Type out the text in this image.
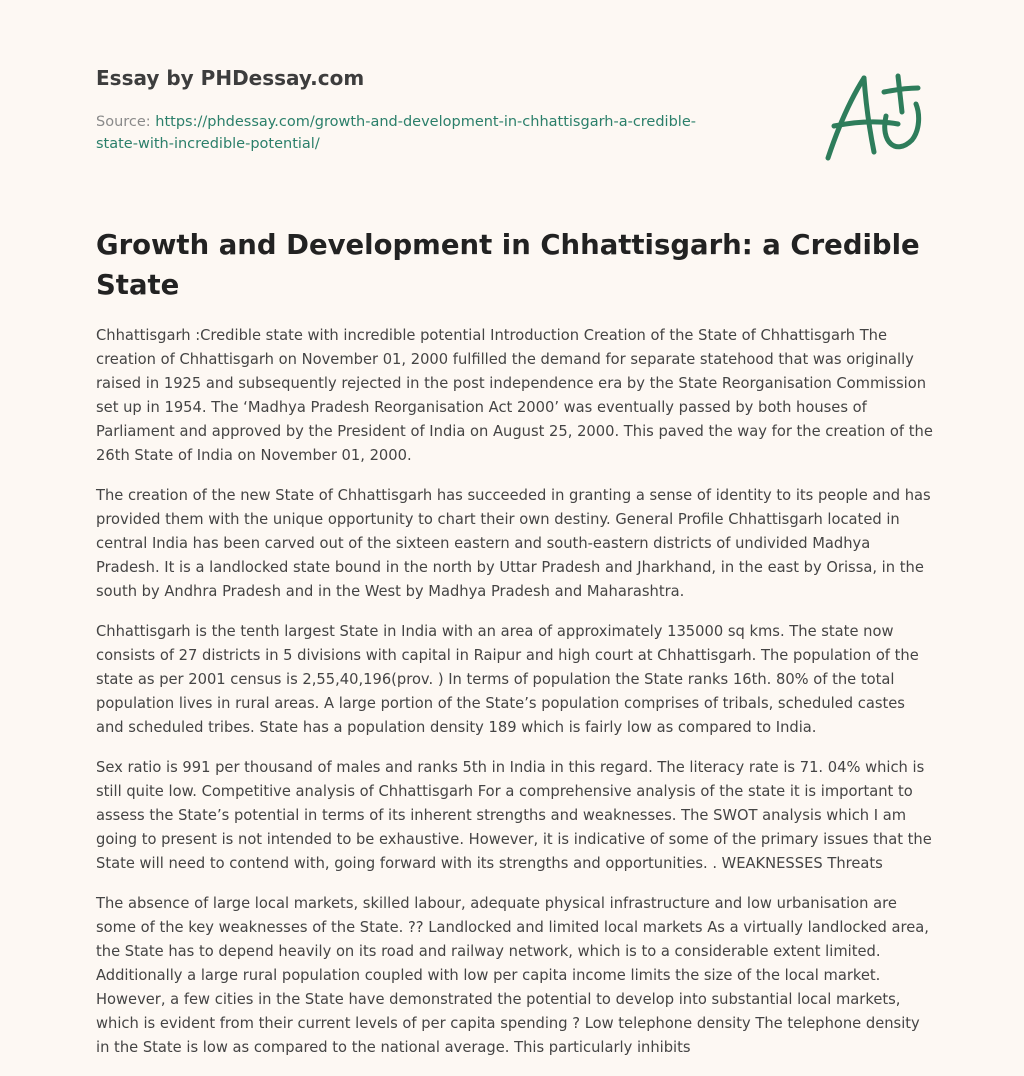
Essay by PHDessay.com
Source: https://phdessay.com/growth-and-development-in-chhattisgarh-a-credible-state-with-incredible-potential/
Growth and Development in Chhattisgarh: a Credible State

Chhattisgarh :Credible state with incredible potential Introduction Creation of the State of Chhattisgarh The creation of Chhattisgarh on November 01, 2000 fulfilled the demand for separate statehood that was originally raised in 1925 and subsequently rejected in the post independence era by the State Reorganisation Commission set up in 1954. The ‘Madhya Pradesh Reorganisation Act 2000’ was eventually passed by both houses of Parliament and approved by the President of India on August 25, 2000. This paved the way for the creation of the 26th State of India on November 01, 2000.

The creation of the new State of Chhattisgarh has succeeded in granting a sense of identity to its people and has provided them with the unique opportunity to chart their own destiny. General Profile Chhattisgarh located in central India has been carved out of the sixteen eastern and south-eastern districts of undivided Madhya Pradesh. It is a landlocked state bound in the north by Uttar Pradesh and Jharkhand, in the east by Orissa, in the south by Andhra Pradesh and in the West by Madhya Pradesh and Maharashtra.

Chhattisgarh is the tenth largest State in India with an area of approximately 135000 sq kms. The state now consists of 27 districts in 5 divisions with capital in Raipur and high court at Chhattisgarh. The population of the state as per 2001 census is 2,55,40,196(prov. ) In terms of population the State ranks 16th. 80% of the total population lives in rural areas. A large portion of the State’s population comprises of tribals, scheduled castes and scheduled tribes. State has a population density 189 which is fairly low as compared to India.

Sex ratio is 991 per thousand of males and ranks 5th in India in this regard. The literacy rate is 71. 04% which is still quite low. Competitive analysis of Chhattisgarh For a comprehensive analysis of the state it is important to assess the State’s potential in terms of its inherent strengths and weaknesses. The SWOT analysis which I am going to present is not intended to be exhaustive. However, it is indicative of some of the primary issues that the State will need to contend with, going forward with its strengths and opportunities. . WEAKNESSES Threats

The absence of large local markets, skilled labour, adequate physical infrastructure and low urbanisation are some of the key weaknesses of the State. ?? Landlocked and limited local markets As a virtually landlocked area, the State has to depend heavily on its road and railway network, which is to a considerable extent limited. Additionally a large rural population coupled with low per capita income limits the size of the local market. However, a few cities in the State have demonstrated the potential to develop into substantial local markets, which is evident from their current levels of per capita spending ? Low telephone density The telephone density in the State is low as compared to the national average. This particularly inhibits
